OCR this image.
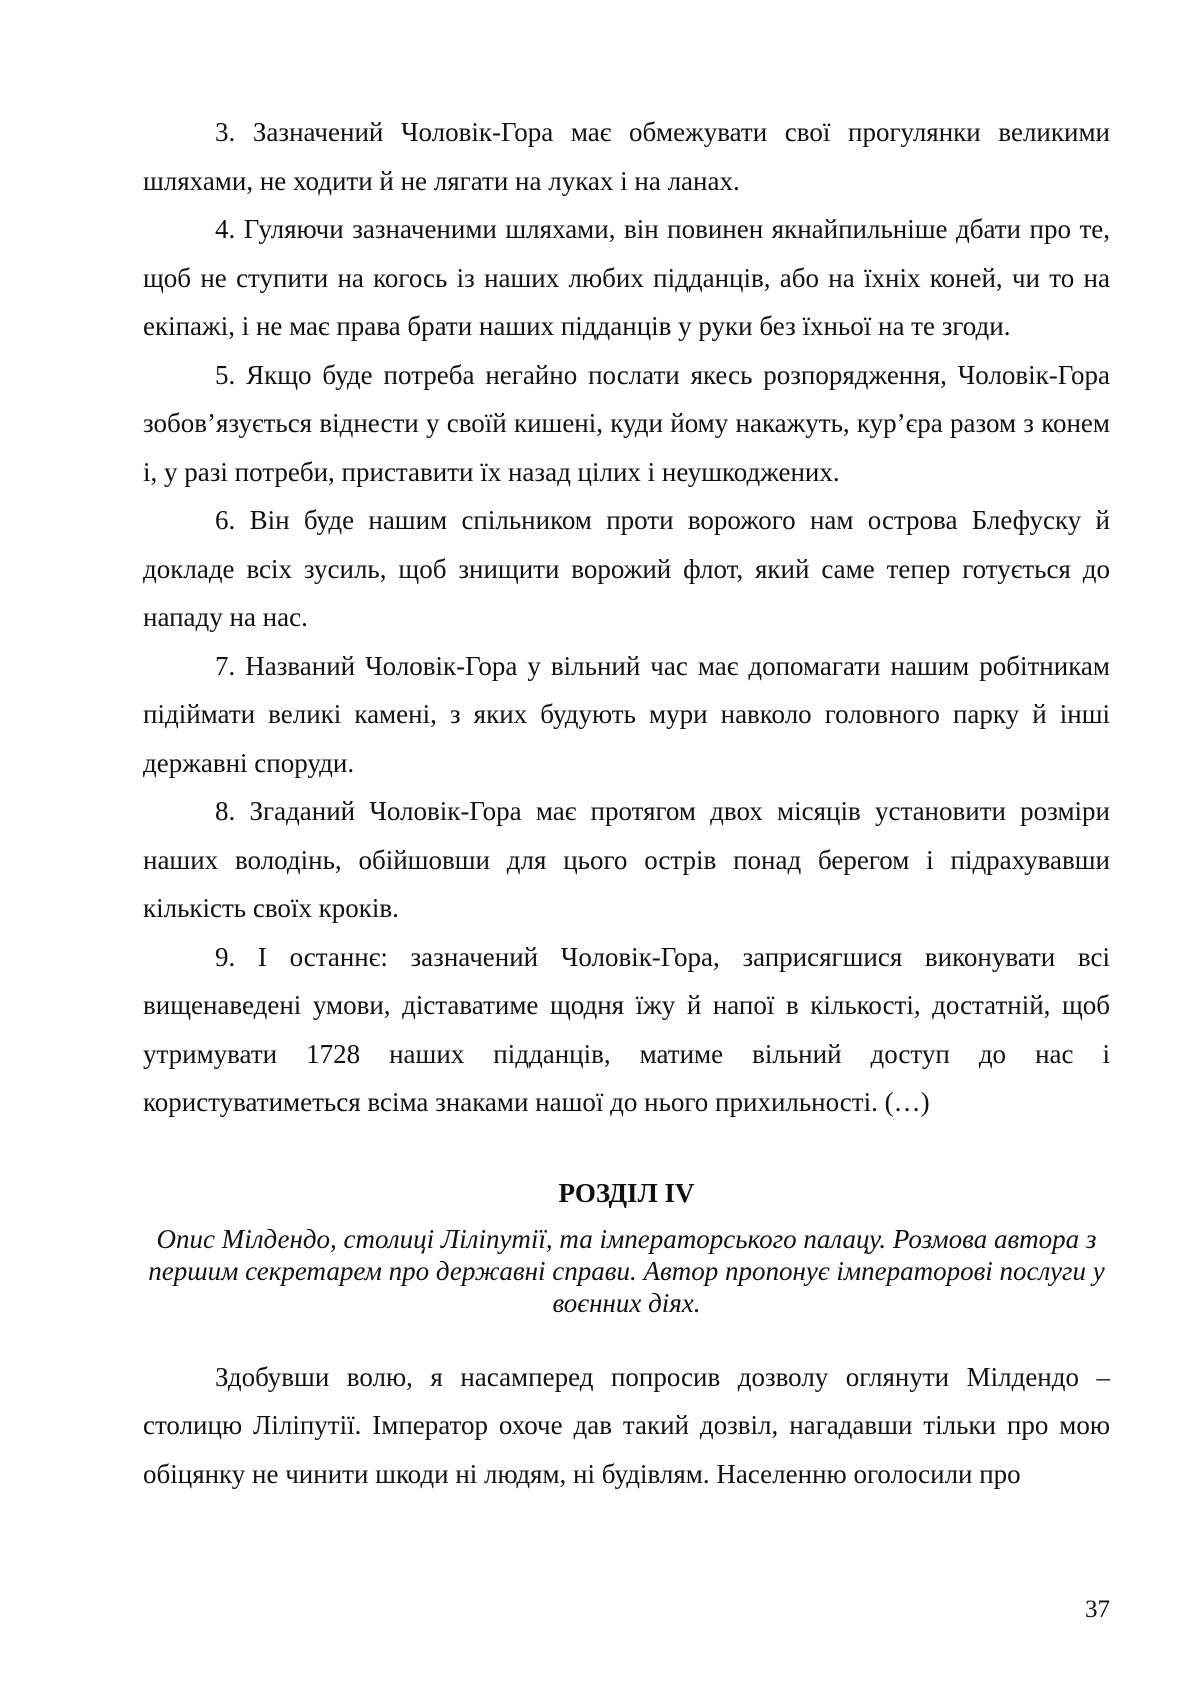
3. Зазначений Чоловік-Гора має обмежувати свої прогулянки великими шляхами, не ходити й не лягати на луках і на ланах.

4. Гуляючи зазначеними шляхами, він повинен якнайпильніше дбати про те, щоб не ступити на когось із наших любих підданців, або на їхніх коней, чи то на екіпажі, і не має права брати наших підданців у руки без їхньої на те згоди.

5. Якщо буде потреба негайно послати якесь розпорядження, Чоловік-Гора зобов’язується віднести у своїй кишені, куди йому накажуть, кур’єра разом з конем і, у разі потреби, приставити їх назад цілих і неушкоджених.

6. Він буде нашим спільником проти ворожого нам острова Блефуску й докладе всіх зусиль, щоб знищити ворожий флот, який саме тепер готується до нападу на нас.

7. Названий Чоловік-Гора у вільний час має допомагати нашим робітникам підіймати великі камені, з яких будують мури навколо головного парку й інші державні споруди.

8. Згаданий Чоловік-Гора має протягом двох місяців установити розміри наших володінь, обійшовши для цього острів понад берегом і підрахувавши кількість своїх кроків.

9. І останнє: зазначений Чоловік-Гора, заприсягшися виконувати всі вищенаведені умови, діставатиме щодня їжу й напої в кількості, достатній, щоб утримувати 1728 наших підданців, матиме вільний доступ до нас і користуватиметься всіма знаками нашої до нього прихильності. (…)

РОЗДІЛ IV

Опис Мілдендо, столиці Ліліпутії, та імператорського палацу. Розмова автора з першим секретарем про державні справи. Автор пропонує імператорові послуги у воєнних діях.

Здобувши волю, я насамперед попросив дозволу оглянути Мілдендо – столицю Ліліпутії. Імператор охоче дав такий дозвіл, нагадавши тільки про мою обіцянку не чинити шкоди ні людям, ні будівлям. Населенню оголосили про

37
